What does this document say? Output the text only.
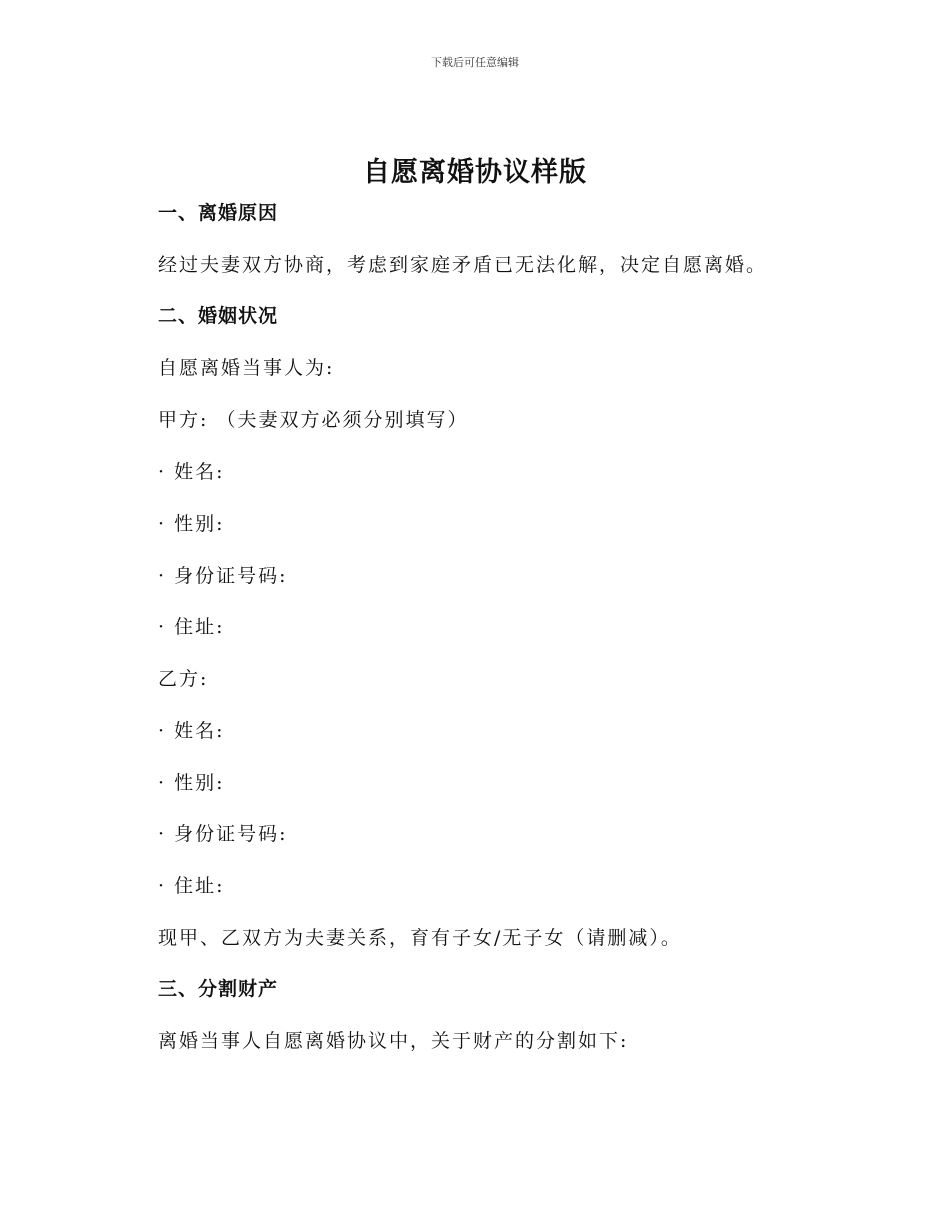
下载后可任意编辑
自愿离婚协议样版
一、离婚原因
经过夫妻双方协商，考虑到家庭矛盾已无法化解，决定自愿离婚。
二、婚姻状况
自愿离婚当事人为:
甲方: （夫妻双方必须分别填写）
· 姓名:
· 性别:
· 身份证号码:
· 住址:
乙方:
· 姓名:
· 性别:
· 身份证号码:
· 住址:
现甲、乙双方为夫妻关系，育有子女/无子女（请删减）。
三、分割财产
离婚当事人自愿离婚协议中，关于财产的分割如下:
